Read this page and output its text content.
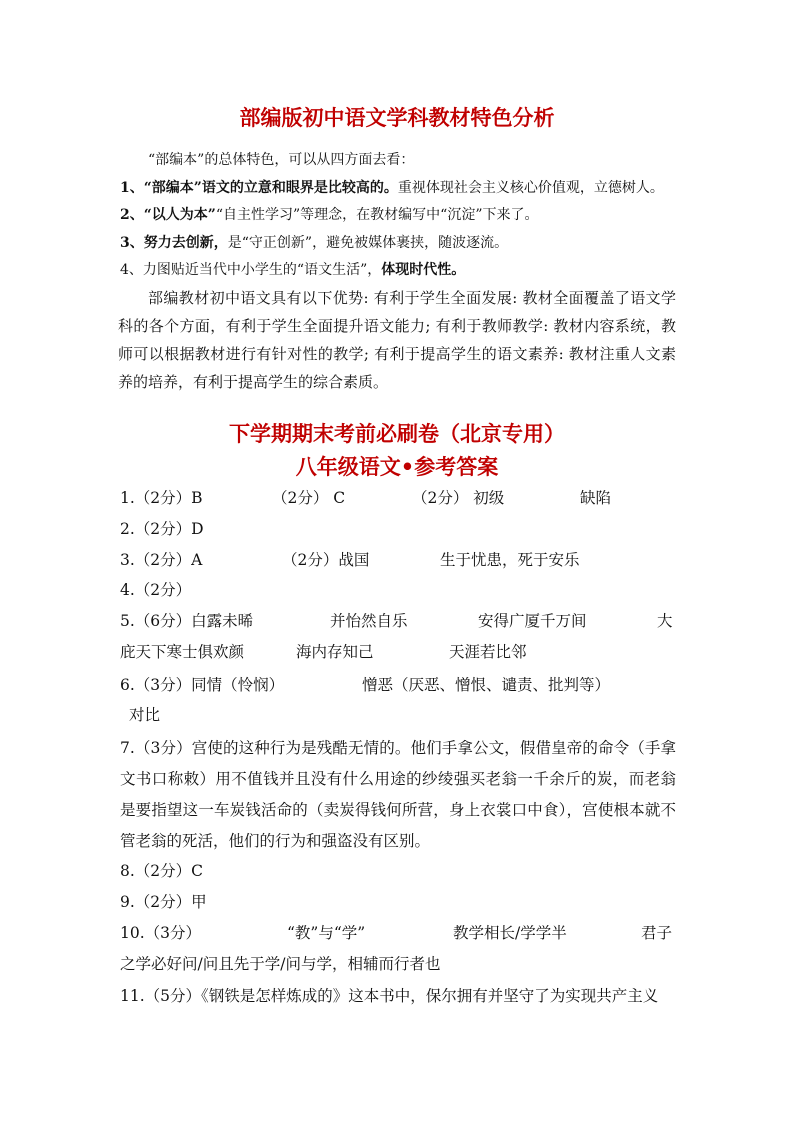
部编版初中语文学科教材特色分析
“部编本”的总体特色，可以从四方面去看：
1、“部编本”语文的立意和眼界是比较高的。重视体现社会主义核心价值观，立德树人。
2、“以人为本”“自主性学习”等理念，在教材编写中“沉淀”下来了。
3、努力去创新，是“守正创新”，避免被媒体裹挟，随波逐流。
4、力图贴近当代中小学生的“语文生活”，体现时代性。
部编教材初中语文具有以下优势: 有利于学生全面发展: 教材全面覆盖了语文学科的各个方面，有利于学生全面提升语文能力; 有利于教师教学: 教材内容系统，教师可以根据教材进行有针对性的教学; 有利于提高学生的语文素养: 教材注重人文素养的培养，有利于提高学生的综合素质。
下学期期末考前必刷卷（北京专用）
八年级语文•参考答案
1.（2分）B	（2分） C	（2分） 初级	缺陷
2.（2分）D
3.（2分）A	（2分）战国	生于忧患，死于安乐
4.（2分）
5.（6分）白露未晞	并怡然自乐	安得广厦千万间	大
庇天下寒士俱欢颜	海内存知己	天涯若比邻
6.（3分）同情（怜悯）	憎恶（厌恶、憎恨、谴责、批判等）
对比
7.（3分）宫使的这种行为是残酷无情的。他们手拿公文，假借皇帝的命令（手拿文书口称敕）用不值钱并且没有什么用途的纱绫强买老翁一千余斤的炭，而老翁是要指望这一车炭钱活命的（卖炭得钱何所营，身上衣裳口中食），宫使根本就不管老翁的死活，他们的行为和强盗没有区别。
8.（2分）C
9.（2分）甲
10.（3分）	“教”与“学”	教学相长/学学半	君子
之学必好问/问且先于学/问与学，相辅而行者也
11.（5分）《钢铁是怎样炼成的》这本书中，保尔拥有并坚守了为实现共产主义
